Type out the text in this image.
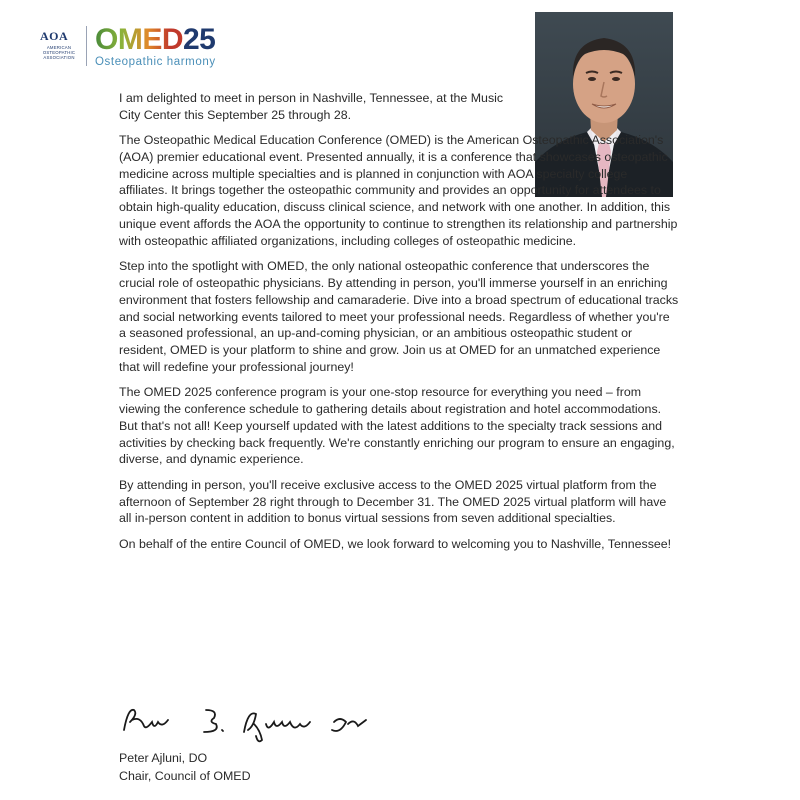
AOA
AMERICAN
OSTEOPATHIC
ASSOCIATION
OMED25
Osteopathic harmony

I am delighted to meet in person in Nashville, Tennessee, at the Music City Center this September 25 through 28.

The Osteopathic Medical Education Conference (OMED) is the American Osteopathic Association's (AOA) premier educational event. Presented annually, it is a conference that showcases osteopathic medicine across multiple specialties and is planned in conjunction with AOA specialty college affiliates. It brings together the osteopathic community and provides an opportunity for attendees to obtain high-quality education, discuss clinical science, and network with one another. In addition, this unique event affords the AOA the opportunity to continue to strengthen its relationship and partnership with osteopathic affiliated organizations, including colleges of osteopathic medicine.

Step into the spotlight with OMED, the only national osteopathic conference that underscores the crucial role of osteopathic physicians. By attending in person, you'll immerse yourself in an enriching environment that fosters fellowship and camaraderie. Dive into a broad spectrum of educational tracks and social networking events tailored to meet your professional needs. Regardless of whether you're a seasoned professional, an up-and-coming physician, or an ambitious osteopathic student or resident, OMED is your platform to shine and grow. Join us at OMED for an unmatched experience that will redefine your professional journey!

The OMED 2025 conference program is your one-stop resource for everything you need – from viewing the conference schedule to gathering details about registration and hotel accommodations. But that's not all! Keep yourself updated with the latest additions to the specialty track sessions and activities by checking back frequently. We're constantly enriching our program to ensure an engaging, diverse, and dynamic experience.

By attending in person, you'll receive exclusive access to the OMED 2025 virtual platform from the afternoon of September 28 right through to December 31. The OMED 2025 virtual platform will have all in-person content in addition to bonus virtual sessions from seven additional specialties.

On behalf of the entire Council of OMED, we look forward to welcoming you to Nashville, Tennessee!

Peter Ajluni, DO
Chair, Council of OMED
